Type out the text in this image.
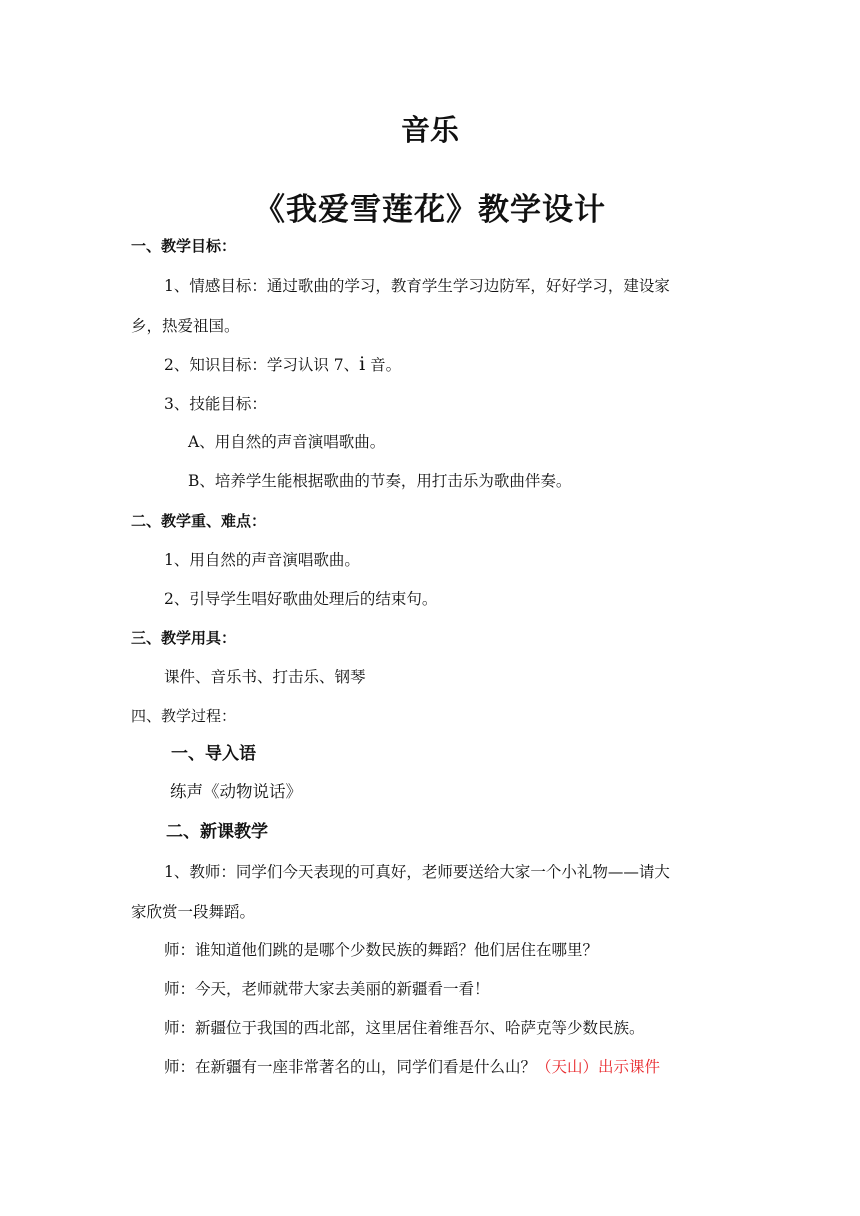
音乐
《我爱雪莲花》教学设计
一、教学目标：
1、情感目标：通过歌曲的学习，教育学生学习边防军，好好学习，建设家
乡，热爱祖国。
2、知识目标：学习认识 7、i 音。
3、技能目标：
A、用自然的声音演唱歌曲。
B、培养学生能根据歌曲的节奏，用打击乐为歌曲伴奏。
二、教学重、难点：
1、用自然的声音演唱歌曲。
2、引导学生唱好歌曲处理后的结束句。
三、教学用具：
课件、音乐书、打击乐、钢琴
四、教学过程：
一、导入语
练声《动物说话》
二、新课教学
1、教师：同学们今天表现的可真好，老师要送给大家一个小礼物——请大
家欣赏一段舞蹈。
师：谁知道他们跳的是哪个少数民族的舞蹈？他们居住在哪里？
师：今天，老师就带大家去美丽的新疆看一看！
师：新疆位于我国的西北部，这里居住着维吾尔、哈萨克等少数民族。
师：在新疆有一座非常著名的山，同学们看是什么山？（天山）出示课件
